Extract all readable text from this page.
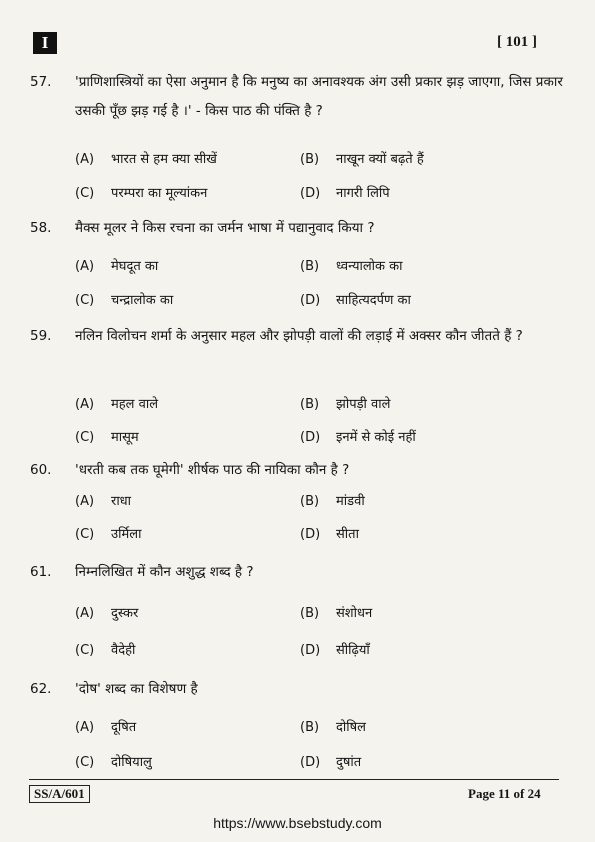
I	[ 101 ]
57. 'प्राणिशास्त्रियों का ऐसा अनुमान है कि मनुष्य का अनावश्यक अंग उसी प्रकार झड़ जाएगा, जिस प्रकार उसकी पूँछ झड़ गई है ।' - किस पाठ की पंक्ति है ?
(A) भारत से हम क्या सीखें	(B) नाखून क्यों बढ़ते हैं
(C) परम्परा का मूल्यांकन	(D) नागरी लिपि
58. मैक्स मूलर ने किस रचना का जर्मन भाषा में पद्यानुवाद किया ?
(A) मेघदूत का	(B) ध्वन्यालोक का
(C) चन्द्रालोक का	(D) साहित्यदर्पण का
59. नलिन विलोचन शर्मा के अनुसार महल और झोपड़ी वालों की लड़ाई में अक्सर कौन जीतते हैं ?
(A) महल वाले	(B) झोपड़ी वाले
(C) मासूम	(D) इनमें से कोई नहीं
60. 'धरती कब तक घूमेगी' शीर्षक पाठ की नायिका कौन है ?
(A) राधा	(B) मांडवी
(C) उर्मिला	(D) सीता
61. निम्नलिखित में कौन अशुद्ध शब्द है ?
(A) दुस्कर	(B) संशोधन
(C) वैदेही	(D) सीढ़ियाँ
62. 'दोष' शब्द का विशेषण है
(A) दूषित	(B) दोषिल
(C) दोषियालु	(D) दुषांत
SS/A/601	Page 11 of 24
https://www.bsebstudy.com
